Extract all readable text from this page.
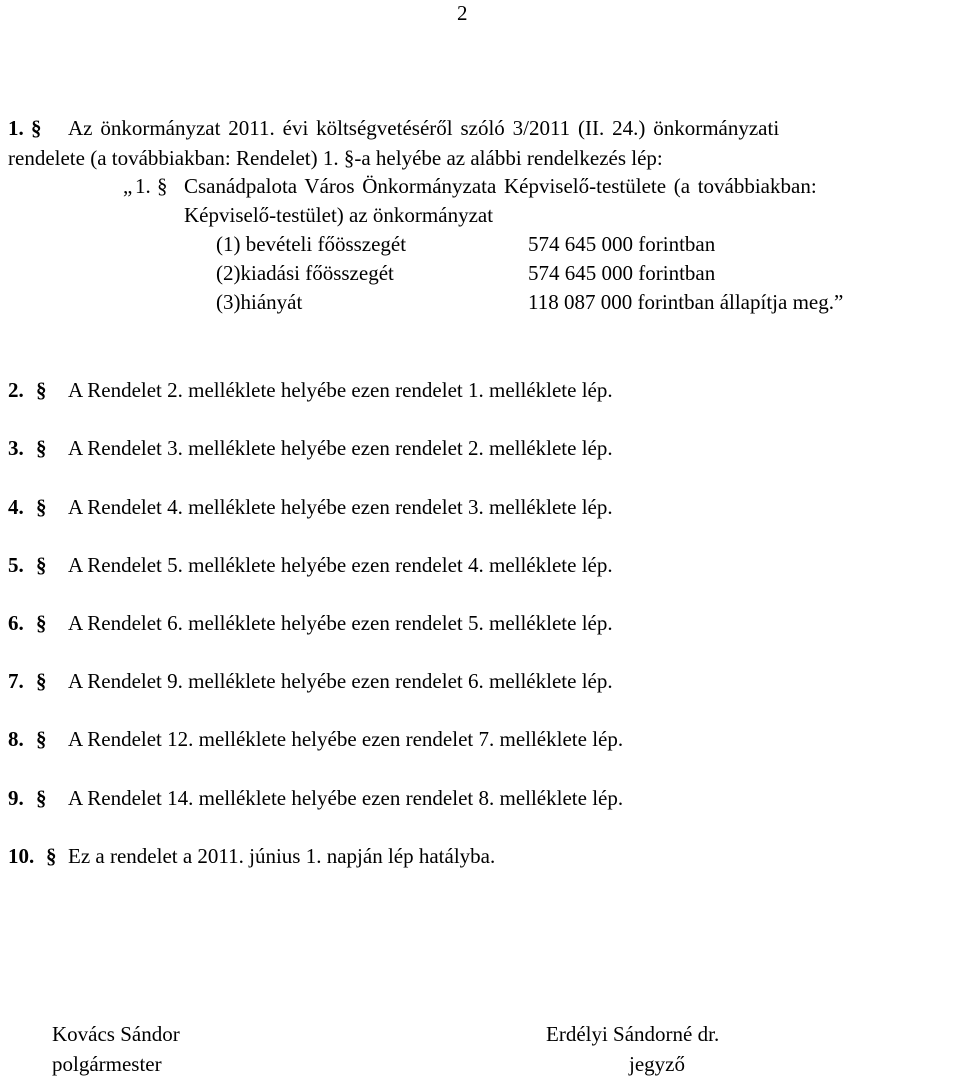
2
1. § Az önkormányzat 2011. évi költségvetéséről szóló 3/2011 (II. 24.) önkormányzati
rendelete (a továbbiakban: Rendelet) 1. §-a helyébe az alábbi rendelkezés lép:
„ 1. § Csanádpalota Város Önkormányzata Képviselő-testülete (a továbbiakban:
Képviselő-testület) az önkormányzat
(1) bevételi főösszegét	574 645 000 forintban
(2)kiadási főösszegét	574 645 000 forintban
(3)hiányát	118 087 000 forintban állapítja meg.”
2. § A Rendelet 2. melléklete helyébe ezen rendelet 1. melléklete lép.
3. § A Rendelet 3. melléklete helyébe ezen rendelet 2. melléklete lép.
4. § A Rendelet 4. melléklete helyébe ezen rendelet 3. melléklete lép.
5. § A Rendelet 5. melléklete helyébe ezen rendelet 4. melléklete lép.
6. § A Rendelet 6. melléklete helyébe ezen rendelet 5. melléklete lép.
7. § A Rendelet 9. melléklete helyébe ezen rendelet 6. melléklete lép.
8. § A Rendelet 12. melléklete helyébe ezen rendelet 7. melléklete lép.
9. § A Rendelet 14. melléklete helyébe ezen rendelet 8. melléklete lép.
10. § Ez a rendelet a 2011. június 1. napján lép hatályba.
Kovács Sándor
polgármester
Erdélyi Sándorné dr.
jegyző
